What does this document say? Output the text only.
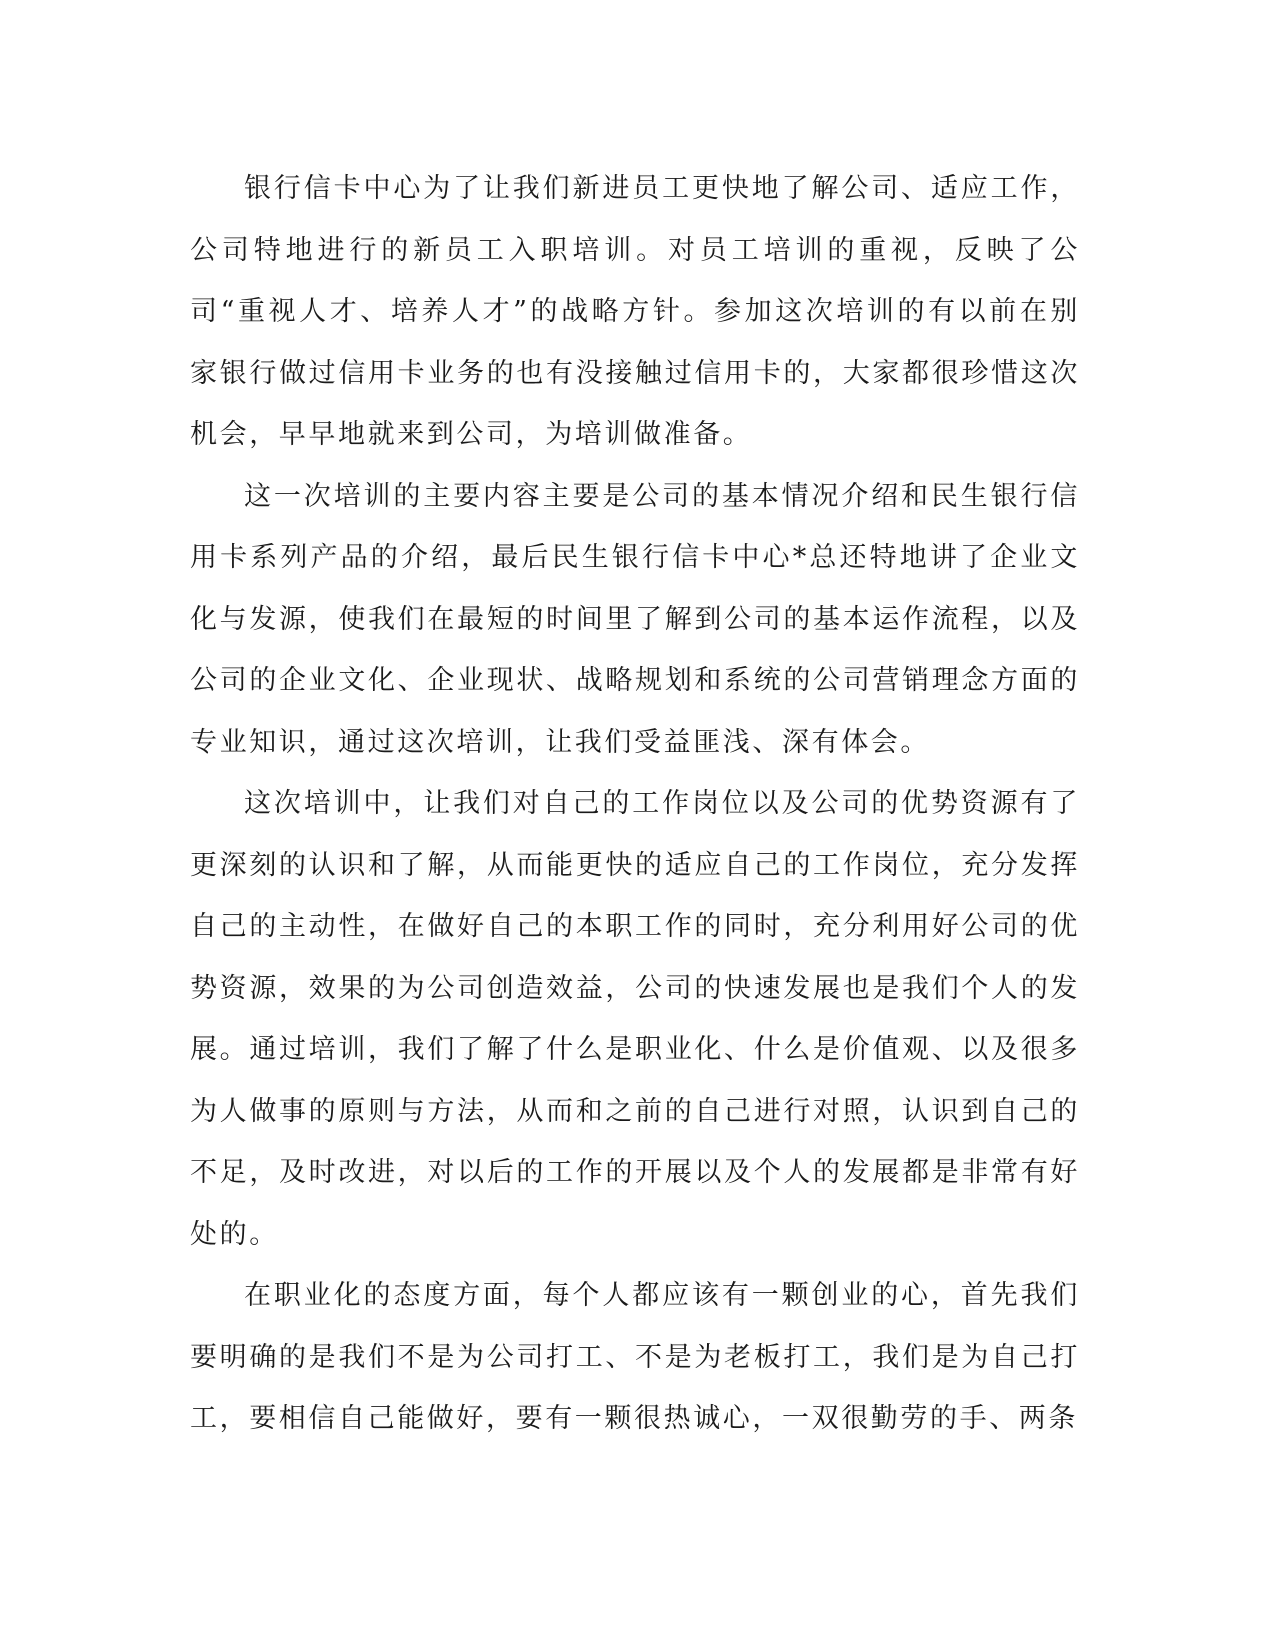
银行信卡中心为了让我们新进员工更快地了解公司、适应工作，公司特地进行的新员工入职培训。对员工培训的重视，反映了公司“重视人才、培养人才”的战略方针。参加这次培训的有以前在别家银行做过信用卡业务的也有没接触过信用卡的，大家都很珍惜这次机会，早早地就来到公司，为培训做准备。

这一次培训的主要内容主要是公司的基本情况介绍和民生银行信用卡系列产品的介绍，最后民生银行信卡中心*总还特地讲了企业文化与发源，使我们在最短的时间里了解到公司的基本运作流程，以及公司的企业文化、企业现状、战略规划和系统的公司营销理念方面的专业知识，通过这次培训，让我们受益匪浅、深有体会。

这次培训中，让我们对自己的工作岗位以及公司的优势资源有了更深刻的认识和了解，从而能更快的适应自己的工作岗位，充分发挥自己的主动性，在做好自己的本职工作的同时，充分利用好公司的优势资源，效果的为公司创造效益，公司的快速发展也是我们个人的发展。通过培训，我们了解了什么是职业化、什么是价值观、以及很多为人做事的原则与方法，从而和之前的自己进行对照，认识到自己的不足，及时改进，对以后的工作的开展以及个人的发展都是非常有好处的。

在职业化的态度方面，每个人都应该有一颗创业的心，首先我们要明确的是我们不是为公司打工、不是为老板打工，我们是为自己打工，要相信自己能做好，要有一颗很热诚心，一双很勤劳的手、两条
